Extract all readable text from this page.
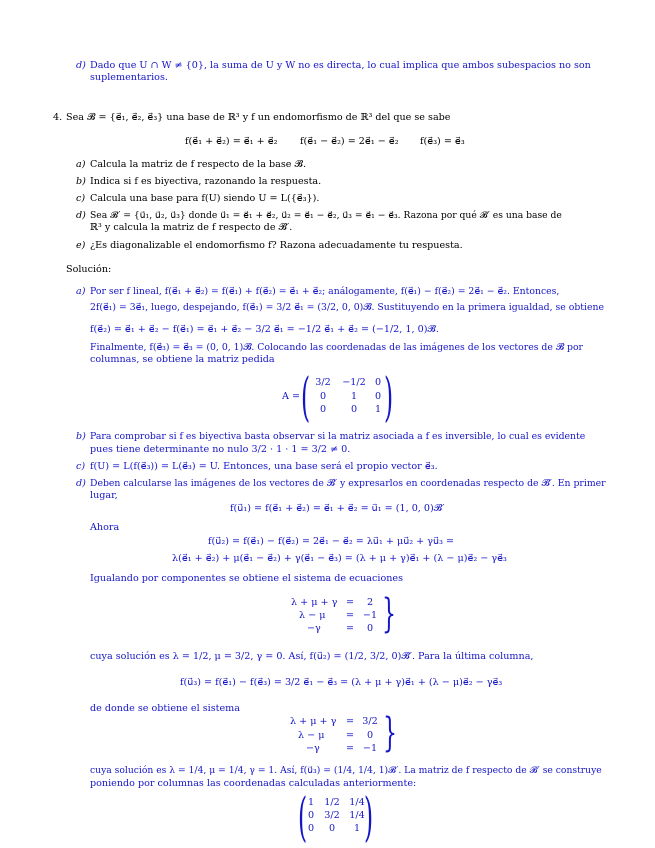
d) Dado que U ∩ W ≠ {0}, la suma de U y W no es directa, lo cual implica que ambos subespacios no son
suplementarios.
4. Sea 𝓑 = {e⃗₁, e⃗₂, e⃗₃} una base de ℝ³ y f un endomorfismo de ℝ³ del que se sabe
f(e⃗₁ + e⃗₂) = e⃗₁ + e⃗₂ f(e⃗₁ − e⃗₂) = 2e⃗₁ − e⃗₂ f(e⃗₃) = e⃗₃
a) Calcula la matriz de f respecto de la base 𝓑.
b) Indica si f es biyectiva, razonando la respuesta.
c) Calcula una base para f(U) siendo U = L({e⃗₃}).
d) Sea 𝓑′ = {u⃗₁, u⃗₂, u⃗₃} donde u⃗₁ = e⃗₁ + e⃗₂, u⃗₂ = e⃗₁ − e⃗₂, u⃗₃ = e⃗₁ − e⃗₃. Razona por qué 𝓑′ es una base de
ℝ³ y calcula la matriz de f respecto de 𝓑′.
e) ¿Es diagonalizable el endomorfismo f? Razona adecuadamente tu respuesta.
Solución:
a) Por ser f lineal, f(e⃗₁ + e⃗₂) = f(e⃗₁) + f(e⃗₂) = e⃗₁ + e⃗₂; análogamente, f(e⃗₁) − f(e⃗₂) = 2e⃗₁ − e⃗₂. Entonces,
2f(e⃗₁) = 3e⃗₁, luego, despejando, f(e⃗₁) = 3/2 e⃗₁ = (3/2, 0, 0)𝓑. Sustituyendo en la primera igualdad, se obtiene
f(e⃗₂) = e⃗₁ + e⃗₂ − f(e⃗₁) = e⃗₁ + e⃗₂ − 3/2 e⃗₁ = −1/2 e⃗₁ + e⃗₂ = (−1/2, 1, 0)𝓑.
Finalmente, f(e⃗₃) = e⃗₃ = (0, 0, 1)𝓑. Colocando las coordenadas de las imágenes de los vectores de 𝓑 por
columnas, se obtiene la matriz pedida
A = ( )
3/2	−1/2 0
0	1	0
0	0	1
b) Para comprobar si f es biyectiva basta observar si la matriz asociada a f es inversible, lo cual es evidente
pues tiene determinante no nulo 3/2 · 1 · 1 = 3/2 ≠ 0.
c) f(U) = L(f(e⃗₃)) = L(e⃗₃) = U. Entonces, una base será el propio vector e⃗₃.
d) Deben calcularse las imágenes de los vectores de 𝓑′ y expresarlos en coordenadas respecto de 𝓑′. En primer
lugar,
f(u⃗₁) = f(e⃗₁ + e⃗₂) = e⃗₁ + e⃗₂ = u⃗₁ = (1, 0, 0)𝓑′
Ahora
f(u⃗₂) = f(e⃗₁) − f(e⃗₂) = 2e⃗₁ − e⃗₂ = λu⃗₁ + μu⃗₂ + γu⃗₃ =
λ(e⃗₁ + e⃗₂) + μ(e⃗₁ − e⃗₂) + γ(e⃗₁ − e⃗₃) = (λ + μ + γ)e⃗₁ + (λ − μ)e⃗₂ − γe⃗₃
Igualando por componentes se obtiene el sistema de ecuaciones
λ + μ + γ =	2
λ − μ = −1
−γ	=	0 }
cuya solución es λ = 1/2, μ = 3/2, γ = 0. Así, f(u⃗₂) = (1/2, 3/2, 0)𝓑′. Para la última columna,
f(u⃗₃) = f(e⃗₁) − f(e⃗₃) = 3/2 e⃗₁ − e⃗₃ = (λ + μ + γ)e⃗₁ + (λ − μ)e⃗₂ − γe⃗₃
de donde se obtiene el sistema
λ + μ + γ = 3/2
λ − μ =	0
−γ	= −1 }
cuya solución es λ = 1/4, μ = 1/4, γ = 1. Así, f(u⃗₃) = (1/4, 1/4, 1)𝓑′. La matriz de f respecto de 𝓑′ se construye
poniendo por columnas las coordenadas calculadas anteriormente:
( )
1	1/2 1/4
0	3/2 1/4
0	0	1
